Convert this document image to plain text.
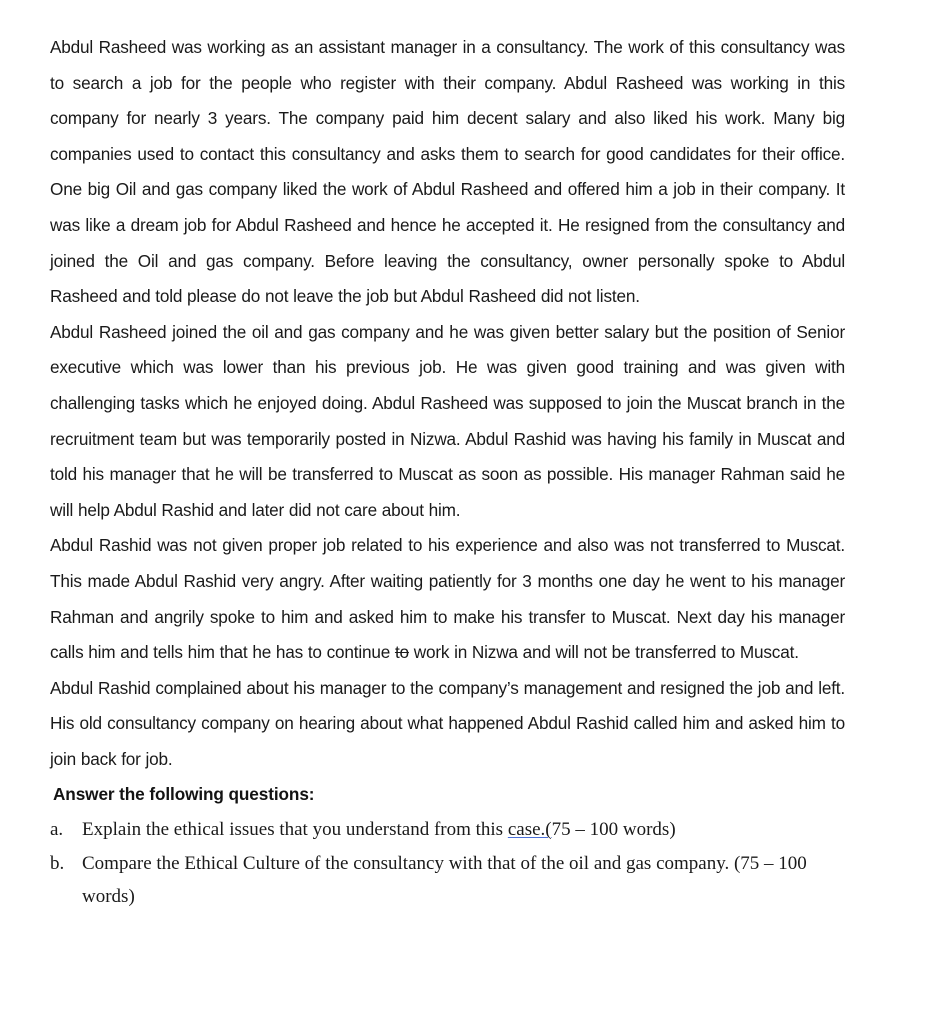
Abdul Rasheed was working as an assistant manager in a consultancy. The work of this consultancy was to search a job for the people who register with their company. Abdul Rasheed was working in this company for nearly 3 years. The company paid him decent salary and also liked his work. Many big companies used to contact this consultancy and asks them to search for good candidates for their office. One big Oil and gas company liked the work of Abdul Rasheed and offered him a job in their company. It was like a dream job for Abdul Rasheed and hence he accepted it. He resigned from the consultancy and joined the Oil and gas company. Before leaving the consultancy, owner personally spoke to Abdul Rasheed and told please do not leave the job but Abdul Rasheed did not listen.

Abdul Rasheed joined the oil and gas company and he was given better salary but the position of Senior executive which was lower than his previous job. He was given good training and was given with challenging tasks which he enjoyed doing. Abdul Rasheed was supposed to join the Muscat branch in the recruitment team but was temporarily posted in Nizwa. Abdul Rashid was having his family in Muscat and told his manager that he will be transferred to Muscat as soon as possible. His manager Rahman said he will help Abdul Rashid and later did not care about him.

Abdul Rashid was not given proper job related to his experience and also was not transferred to Muscat. This made Abdul Rashid very angry. After waiting patiently for 3 months one day he went to his manager Rahman and angrily spoke to him and asked him to make his transfer to Muscat. Next day his manager calls him and tells him that he has to continue to work in Nizwa and will not be transferred to Muscat.

Abdul Rashid complained about his manager to the company’s management and resigned the job and left. His old consultancy company on hearing about what happened Abdul Rashid called him and asked him to join back for job.

Answer the following questions:

a. Explain the ethical issues that you understand from this case.(75 – 100 words)
b. Compare the Ethical Culture of the consultancy with that of the oil and gas company. (75 – 100 words)
